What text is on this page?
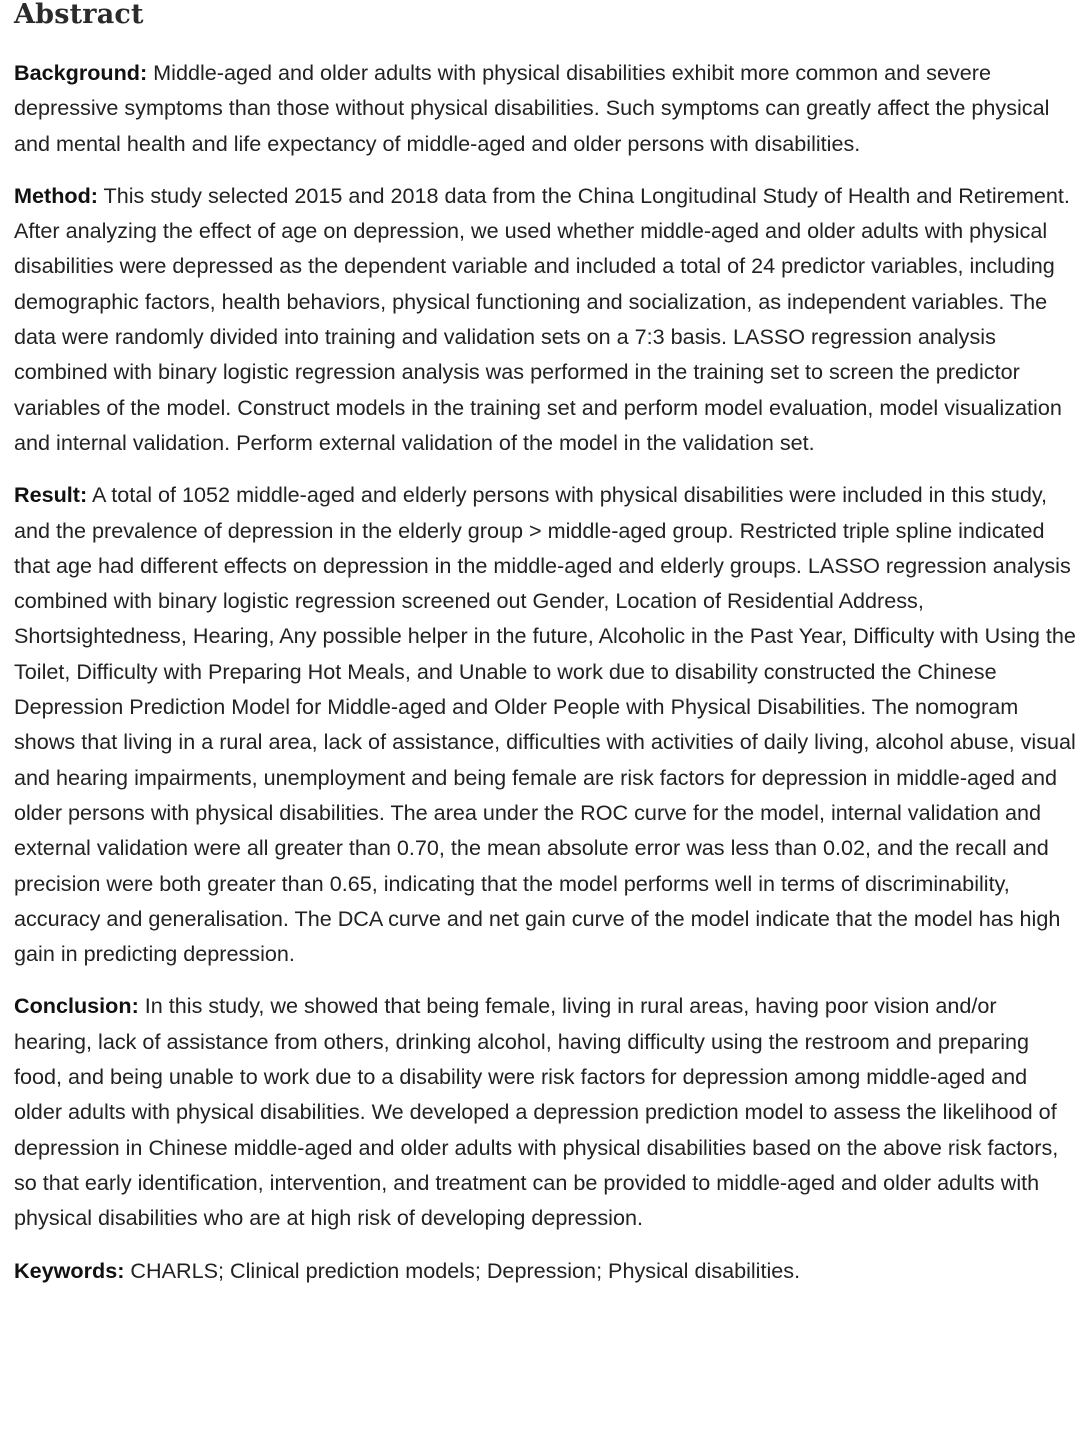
Abstract

Background: Middle-aged and older adults with physical disabilities exhibit more common and severe depressive symptoms than those without physical disabilities. Such symptoms can greatly affect the physical and mental health and life expectancy of middle-aged and older persons with disabilities.

Method: This study selected 2015 and 2018 data from the China Longitudinal Study of Health and Retirement. After analyzing the effect of age on depression, we used whether middle-aged and older adults with physical disabilities were depressed as the dependent variable and included a total of 24 predictor variables, including demographic factors, health behaviors, physical functioning and socialization, as independent variables. The data were randomly divided into training and validation sets on a 7:3 basis. LASSO regression analysis combined with binary logistic regression analysis was performed in the training set to screen the predictor variables of the model. Construct models in the training set and perform model evaluation, model visualization and internal validation. Perform external validation of the model in the validation set.

Result: A total of 1052 middle-aged and elderly persons with physical disabilities were included in this study, and the prevalence of depression in the elderly group > middle-aged group. Restricted triple spline indicated that age had different effects on depression in the middle-aged and elderly groups. LASSO regression analysis combined with binary logistic regression screened out Gender, Location of Residential Address, Shortsightedness, Hearing, Any possible helper in the future, Alcoholic in the Past Year, Difficulty with Using the Toilet, Difficulty with Preparing Hot Meals, and Unable to work due to disability constructed the Chinese Depression Prediction Model for Middle-aged and Older People with Physical Disabilities. The nomogram shows that living in a rural area, lack of assistance, difficulties with activities of daily living, alcohol abuse, visual and hearing impairments, unemployment and being female are risk factors for depression in middle-aged and older persons with physical disabilities. The area under the ROC curve for the model, internal validation and external validation were all greater than 0.70, the mean absolute error was less than 0.02, and the recall and precision were both greater than 0.65, indicating that the model performs well in terms of discriminability, accuracy and generalisation. The DCA curve and net gain curve of the model indicate that the model has high gain in predicting depression.

Conclusion: In this study, we showed that being female, living in rural areas, having poor vision and/or hearing, lack of assistance from others, drinking alcohol, having difficulty using the restroom and preparing food, and being unable to work due to a disability were risk factors for depression among middle-aged and older adults with physical disabilities. We developed a depression prediction model to assess the likelihood of depression in Chinese middle-aged and older adults with physical disabilities based on the above risk factors, so that early identification, intervention, and treatment can be provided to middle-aged and older adults with physical disabilities who are at high risk of developing depression.

Keywords: CHARLS; Clinical prediction models; Depression; Physical disabilities.
